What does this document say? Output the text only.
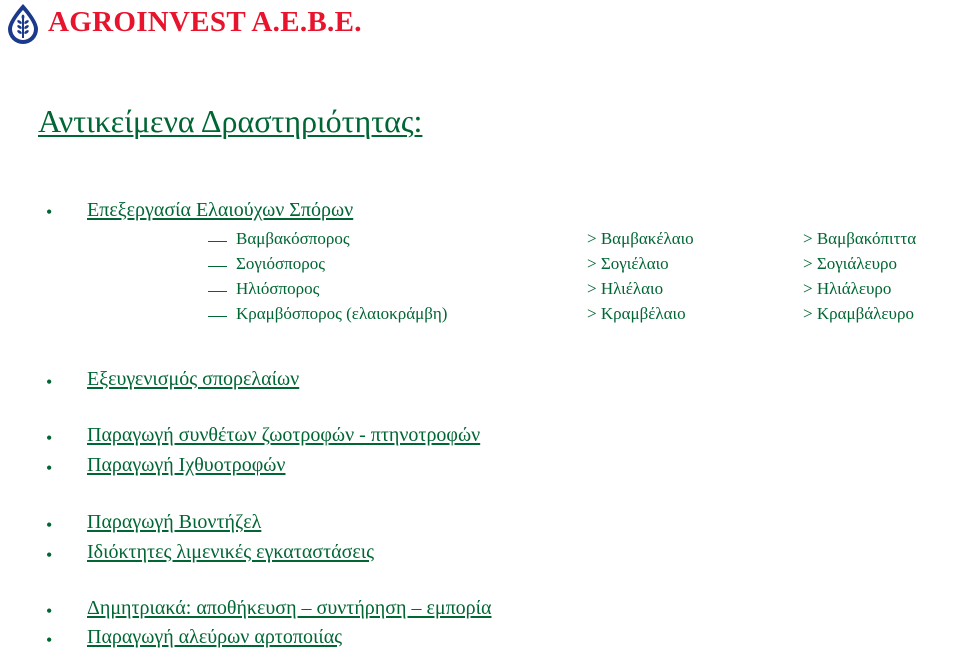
AGROINVEST A.E.B.E.
Αντικείμενα Δραστηριότητας:
• Επεξεργασία Ελαιούχων Σπόρων
Βαμβακόσπορος	> Βαμβακέλαιο	> Βαμβακόπιττα
Σογιόσπορος	> Σογιέλαιο	> Σογιάλευρο
Ηλιόσπορος	> Ηλιέλαιο	> Ηλιάλευρο
Κραμβόσπορος (ελαιοκράμβη)	> Κραμβέλαιο	> Κραμβάλευρο
• Εξευγενισμός σπορελαίων
• Παραγωγή συνθέτων ζωοτροφών - πτηνοτροφών
• Παραγωγή Ιχθυοτροφών
• Παραγωγή Βιοντήζελ
• Ιδιόκτητες λιμενικές εγκαταστάσεις
• Δημητριακά: αποθήκευση – συντήρηση – εμπορία
• Παραγωγή αλεύρων αρτοποιίας
